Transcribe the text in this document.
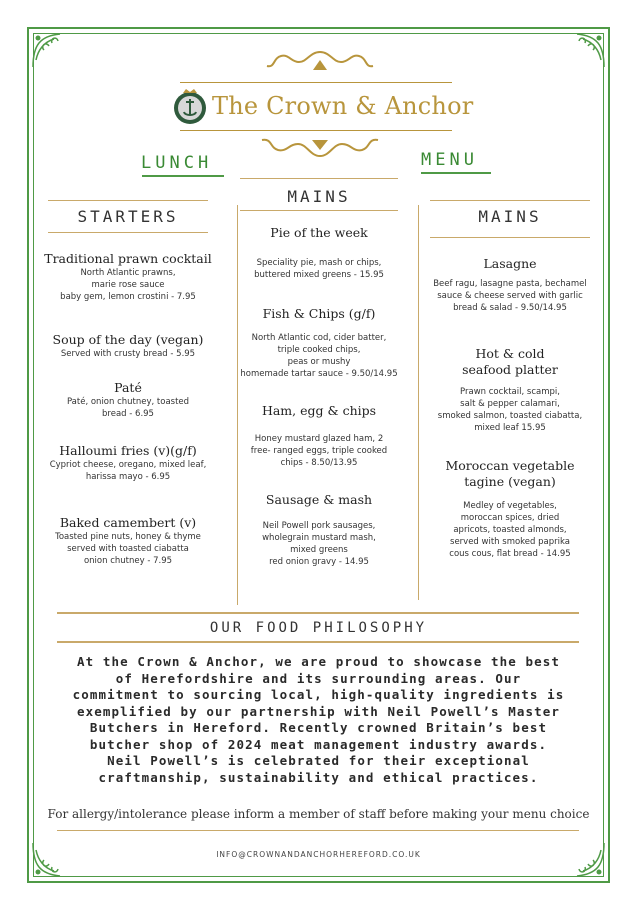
The Crown & Anchor
LUNCH	MENU
MAINS
STARTERS	MAINS

Traditional prawn cocktail

North Atlantic prawns,

marie rose sauce

baby gem, lemon crostini - 7.95

Soup of the day (vegan)

Served with crusty bread - 5.95

Paté

Paté, onion chutney, toasted

bread - 6.95

Halloumi fries (v)(g/f)

Cypriot cheese, oregano, mixed leaf,

harissa mayo - 6.95

Baked camembert (v)

Toasted pine nuts, honey & thyme

served with toasted ciabatta

onion chutney - 7.95

Pie of the week

Speciality pie, mash or chips,

buttered mixed greens - 15.95

Fish & Chips (g/f)

North Atlantic cod, cider batter,

triple cooked chips,

peas or mushy

homemade tartar sauce - 9.50/14.95

Ham, egg & chips

Honey mustard glazed ham, 2

free- ranged eggs, triple cooked

chips - 8.50/13.95

Sausage & mash

Neil Powell pork sausages,

wholegrain mustard mash,

mixed greens

red onion gravy - 14.95

Lasagne

Beef ragu, lasagne pasta, bechamel

sauce & cheese served with garlic

bread & salad - 9.50/14.95

Hot & cold
seafood platter

Prawn cocktail, scampi,

salt & pepper calamari,

smoked salmon, toasted ciabatta,

mixed leaf 15.95

Moroccan vegetable
tagine (vegan)

Medley of vegetables,

moroccan spices, dried

apricots, toasted almonds,

served with smoked paprika

cous cous, flat bread - 14.95

OUR FOOD PHILOSOPHY
At the Crown & Anchor, we are proud to showcase the best
of Herefordshire and its surrounding areas. Our
commitment to sourcing local, high-quality ingredients is
exemplified by our partnership with Neil Powell’s Master
Butchers in Hereford. Recently crowned Britain’s best
butcher shop of 2024 meat management industry awards.
Neil Powell’s is celebrated for their exceptional
craftmanship, sustainability and ethical practices.
For allergy/intolerance please inform a member of staff before making your menu choice
INFO@CROWNANDANCHORHEREFORD.CO.UK
